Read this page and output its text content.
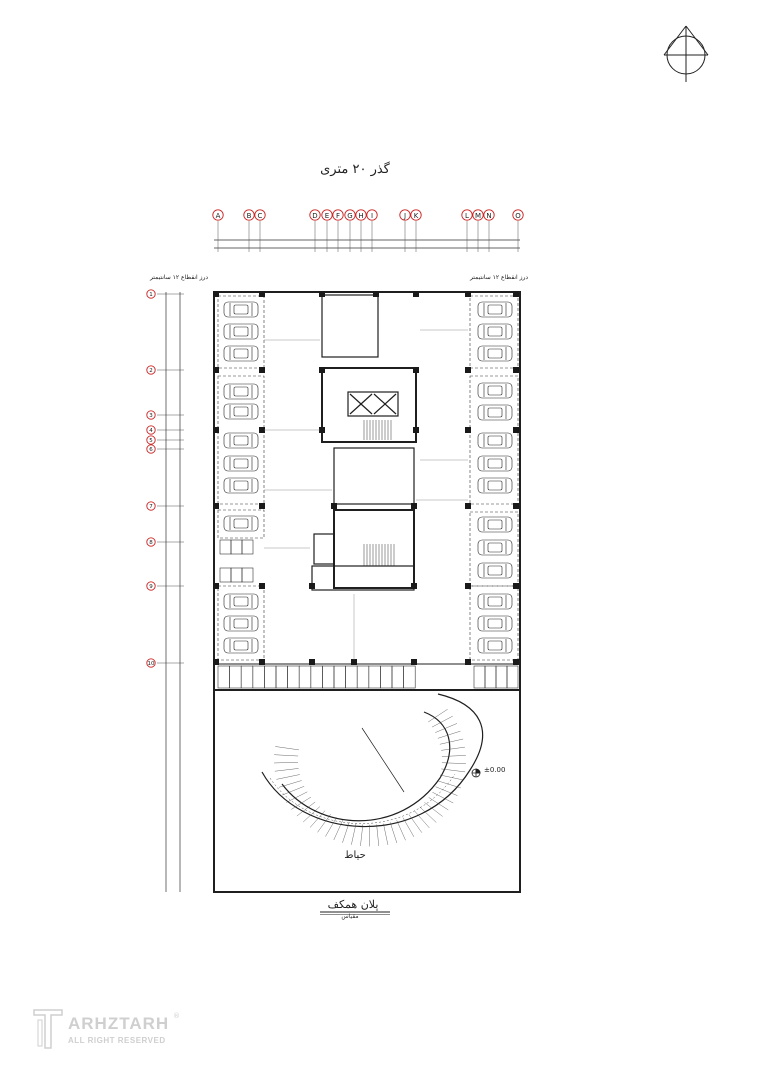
A	B C	D E F G H I	J K	L M N	O
1
2
3
4
5
6
7
8
9
10
گذر ۲۰ متری
درز انقطاع ۱۲ سانتیمتر	درز انقطاع ۱۲ سانتیمتر
±0.00
حیاط
پلان همکف
مقیاس
ARHZTARH
ALL RIGHT RESERVED
®
